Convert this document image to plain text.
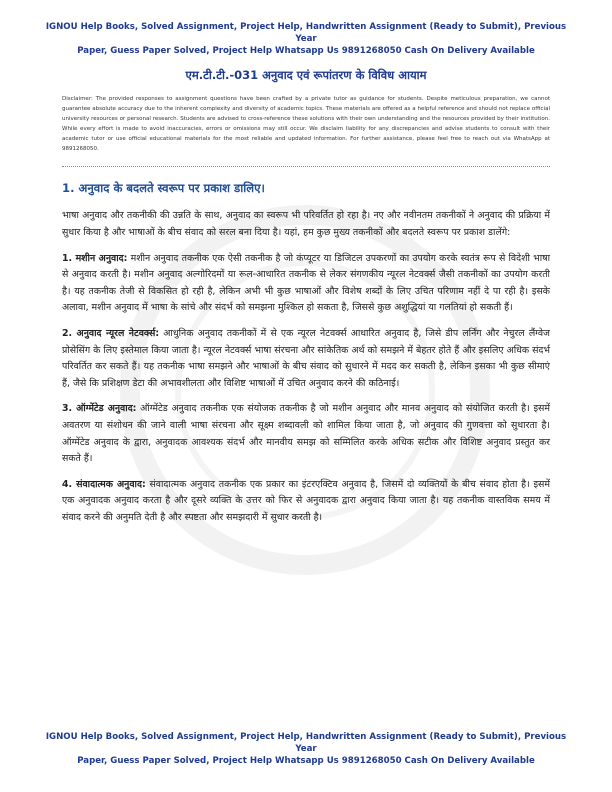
IGNOU Help Books, Solved Assignment, Project Help, Handwritten Assignment (Ready to Submit), Previous Year
Paper, Guess Paper Solved, Project Help Whatsapp Us 9891268050 Cash On Delivery Available
एम.टी.टी.-031 अनुवाद एवं रूपांतरण के विविध आयाम
Disclaimer: The provided responses to assignment questions have been crafted by a private tutor as guidance for students. Despite meticulous preparation, we cannot guarantee absolute accuracy due to the inherent complexity and diversity of academic topics. These materials are offered as a helpful reference and should not replace official university resources or personal research. Students are advised to cross-reference these solutions with their own understanding and the resources provided by their institution. While every effort is made to avoid inaccuracies, errors or omissions may still occur. We disclaim liability for any discrepancies and advise students to consult with their academic tutor or use official educational materials for the most reliable and updated information. For further assistance, please feel free to reach out via WhatsApp at 9891268050.
1. अनुवाद के बदलते स्वरूप पर प्रकाश डालिए।

भाषा अनुवाद और तकनीकी की उन्नति के साथ, अनुवाद का स्वरूप भी परिवर्तित हो रहा है। नए और नवीनतम तकनीकों ने अनुवाद की प्रक्रिया में सुधार किया है और भाषाओं के बीच संवाद को सरल बना दिया है। यहां, हम कुछ मुख्य तकनीकों और बदलते स्वरूप पर प्रकाश डालेंगे:

1. मशीन अनुवाद: मशीन अनुवाद तकनीक एक ऐसी तकनीक है जो कंप्यूटर या डिजिटल उपकरणों का उपयोग करके स्वतंत्र रूप से विदेशी भाषा से अनुवाद करती है। मशीन अनुवाद अल्गोरिदमों या रूल-आधारित तकनीक से लेकर संगणकीय न्यूरल नेटवर्क्स जैसी तकनीकों का उपयोग करती है। यह तकनीक तेजी से विकसित हो रही है, लेकिन अभी भी कुछ भाषाओं और विशेष शब्दों के लिए उचित परिणाम नहीं दे पा रही है। इसके अलावा, मशीन अनुवाद में भाषा के सांचे और संदर्भ को समझना मुश्किल हो सकता है, जिससे कुछ अशुद्धियां या गलतियां हो सकती हैं।

2. अनुवाद न्यूरल नेटवर्क्स: आधुनिक अनुवाद तकनीकों में से एक न्यूरल नेटवर्क्स आधारित अनुवाद है, जिसे डीप लर्निंग और नेचुरल लैंग्वेज प्रोसेसिंग के लिए इस्तेमाल किया जाता है। न्यूरल नेटवर्क्स भाषा संरचना और सांकेतिक अर्थ को समझने में बेहतर होते हैं और इसलिए अधिक संदर्भ परिवर्तित कर सकते हैं। यह तकनीक भाषा समझने और भाषाओं के बीच संवाद को सुधारने में मदद कर सकती है, लेकिन इसका भी कुछ सीमाएं हैं, जैसे कि प्रशिक्षण डेटा की अभावशीलता और विशिष्ट भाषाओं में उचित अनुवाद करने की कठिनाई।

3. ऑग्मेंटेड अनुवाद: ऑग्मेंटेड अनुवाद तकनीक एक संयोजक तकनीक है जो मशीन अनुवाद और मानव अनुवाद को संयोजित करती है। इसमें अवतरण या संशोधन की जाने वाली भाषा संरचना और सूक्ष्म शब्दावली को शामिल किया जाता है, जो अनुवाद की गुणवत्ता को सुधारता है। ऑग्मेंटेड अनुवाद के द्वारा, अनुवादक आवश्यक संदर्भ और मानवीय समझ को सम्मिलित करके अधिक सटीक और विशिष्ट अनुवाद प्रस्तुत कर सकते हैं।

4. संवादात्मक अनुवाद: संवादात्मक अनुवाद तकनीक एक प्रकार का इंटरएक्टिव अनुवाद है, जिसमें दो व्यक्तियों के बीच संवाद होता है। इसमें एक अनुवादक अनुवाद करता है और दूसरे व्यक्ति के उत्तर को फिर से अनुवादक द्वारा अनुवाद किया जाता है। यह तकनीक वास्तविक समय में संवाद करने की अनुमति देती है और स्पष्टता और समझदारी में सुधार करती है।

IGNOU Help Books, Solved Assignment, Project Help, Handwritten Assignment (Ready to Submit), Previous Year
Paper, Guess Paper Solved, Project Help Whatsapp Us 9891268050 Cash On Delivery Available
